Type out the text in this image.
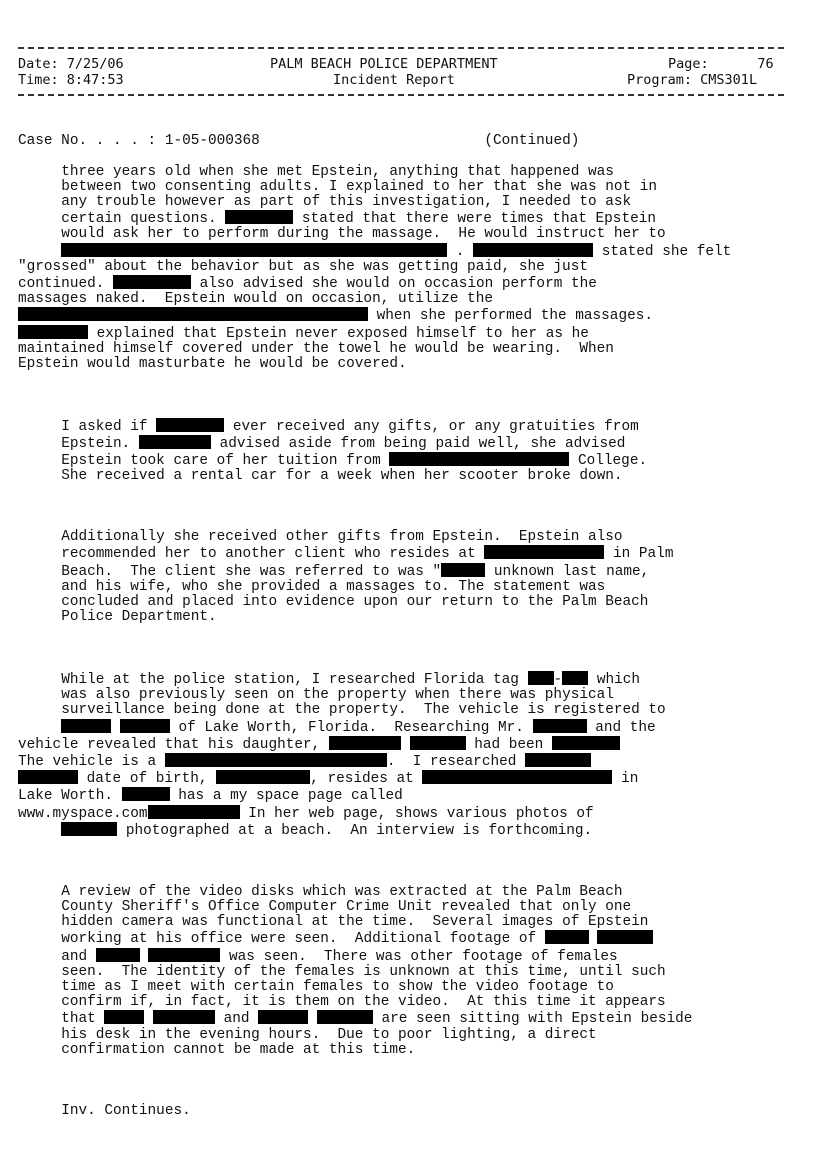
Date: 7/25/06
Time: 8:47:53
PALM BEACH POLICE DEPARTMENT
Incident Report
Page:	76
Program: CMS301L

Case No. . . . : 1-05-000368	(Continued)

three years old when she met Epstein, anything that happened was
between two consenting adults. I explained to her that she was not in
any trouble however as part of this investigation, I needed to ask
certain questions.	stated that there were times that Epstein
would ask her to perform during the massage.  He would instruct her to
.	stated she felt
"grossed" about the behavior but as she was getting paid, she just
continued.	also advised she would on occasion perform the
massages naked.  Epstein would on occasion, utilize the
when she performed the massages.
explained that Epstein never exposed himself to her as he
maintained himself covered under the towel he would be wearing.  When
Epstein would masturbate he would be covered.

I asked if	ever received any gifts, or any gratuities from
Epstein.	advised aside from being paid well, she advised
Epstein took care of her tuition from	College.
She received a rental car for a week when her scooter broke down.

Additionally she received other gifts from Epstein.  Epstein also
recommended her to another client who resides at	in Palm
Beach.  The client she was referred to was "	unknown last name,
and his wife, who she provided a massages to. The statement was
concluded and placed into evidence upon our return to the Palm Beach
Police Department.

While at the police station, I researched Florida tag - which
was also previously seen on the property when there was physical
surveillance being done at the property.  The vehicle is registered to
of Lake Worth, Florida.  Researching Mr.	and the
vehicle revealed that his daughter,	had been
The vehicle is a	.  I researched
date of birth,	, resides at	in
Lake Worth.	has a my space page called
www.myspace.com	In her web page, shows various photos of
photographed at a beach.  An interview is forthcoming.

A review of the video disks which was extracted at the Palm Beach
County Sheriff's Office Computer Crime Unit revealed that only one
hidden camera was functional at the time.  Several images of Epstein
working at his office were seen.  Additional footage of
and	was seen.  There was other footage of females
seen.  The identity of the females is unknown at this time, until such
time as I meet with certain females to show the video footage to
confirm if, in fact, it is them on the video.  At this time it appears
that	and	are seen sitting with Epstein beside
his desk in the evening hours.  Due to poor lighting, a direct
confirmation cannot be made at this time.

Inv. Continues.
